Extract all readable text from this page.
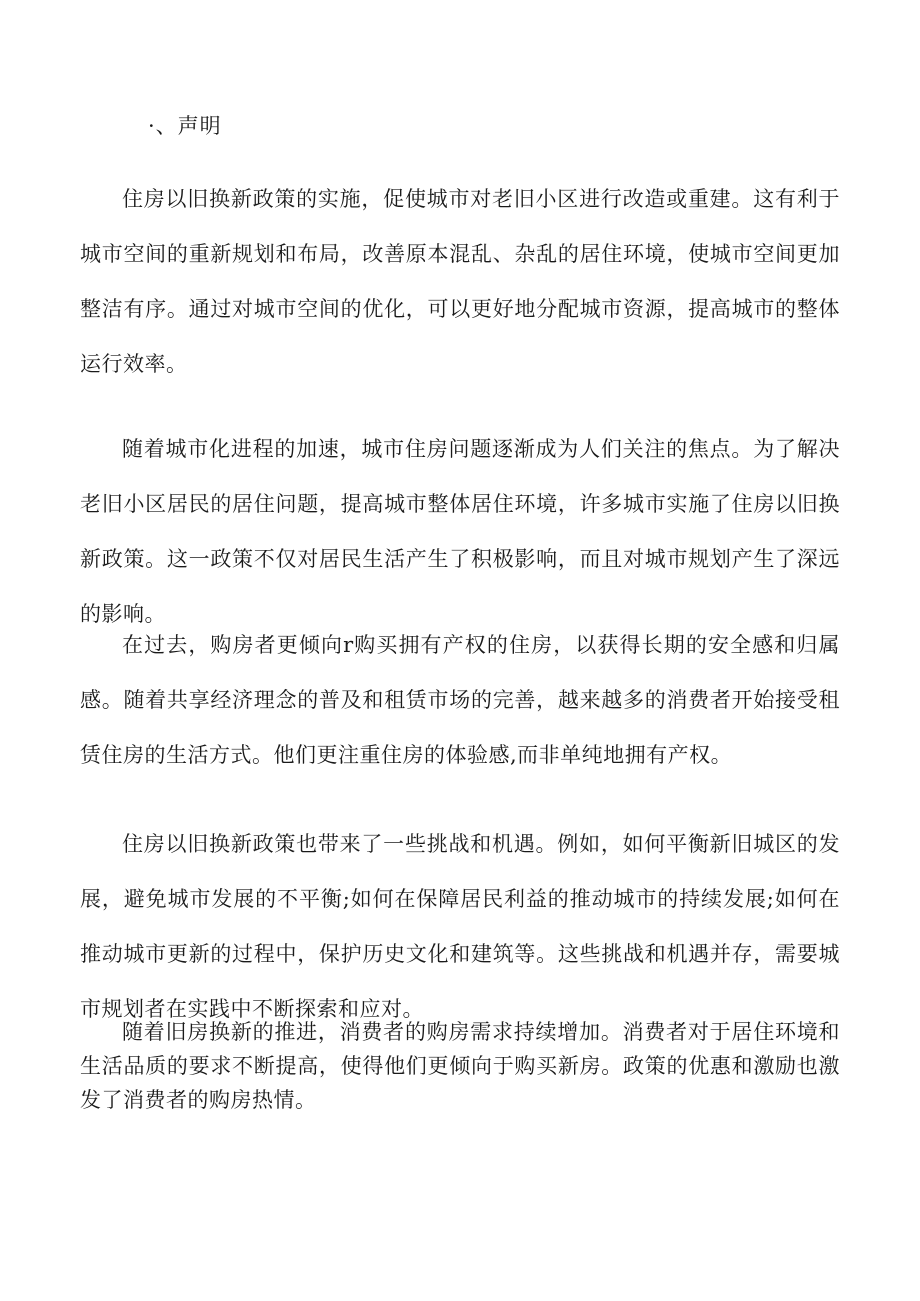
·、声明

住房以旧换新政策的实施，促使城市对老旧小区进行改造或重建。这有利于城市空间的重新规划和布局，改善原本混乱、杂乱的居住环境，使城市空间更加整洁有序。通过对城市空间的优化，可以更好地分配城市资源，提高城市的整体运行效率。

随着城市化进程的加速，城市住房问题逐渐成为人们关注的焦点。为了解决老旧小区居民的居住问题，提高城市整体居住环境，许多城市实施了住房以旧换新政策。这一政策不仅对居民生活产生了积极影响，而且对城市规划产生了深远的影响。

在过去，购房者更倾向r购买拥有产权的住房，以获得长期的安全感和归属感。随着共享经济理念的普及和租赁市场的完善，越来越多的消费者开始接受租赁住房的生活方式。他们更注重住房的体验感,而非单纯地拥有产权。

住房以旧换新政策也带来了一些挑战和机遇。例如，如何平衡新旧城区的发展，避免城市发展的不平衡;如何在保障居民利益的推动城市的持续发展;如何在推动城市更新的过程中，保护历史文化和建筑等。这些挑战和机遇并存，需要城市规划者在实践中不断探索和应对。

随着旧房换新的推进，消费者的购房需求持续增加。消费者对于居住环境和生活品质的要求不断提高，使得他们更倾向于购买新房。政策的优惠和激励也激发了消费者的购房热情。
